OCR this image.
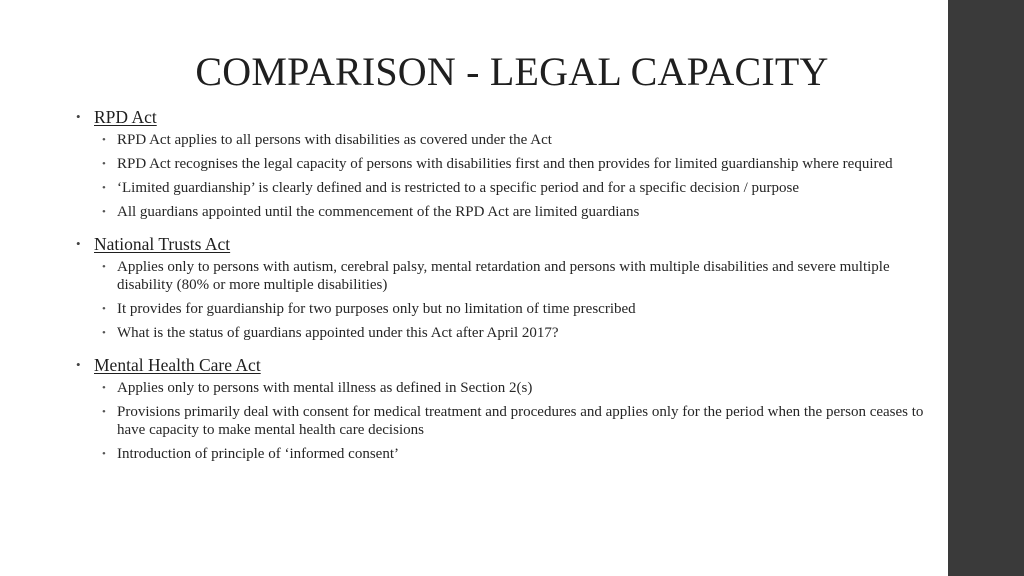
COMPARISON - LEGAL CAPACITY
• RPD Act
• RPD Act applies to all persons with disabilities as covered under the Act
• RPD Act recognises the legal capacity of persons with disabilities first and then provides for limited guardianship where required
• ‘Limited guardianship’ is clearly defined and is restricted to a specific period and for a specific decision / purpose
• All guardians appointed until the commencement of the RPD Act are limited guardians
• National Trusts Act
• Applies only to persons with autism, cerebral palsy, mental retardation and persons with multiple disabilities and severe multiple disability (80% or more multiple disabilities)
• It provides for guardianship for two purposes only but no limitation of time prescribed
• What is the status of guardians appointed under this Act after April 2017?
• Mental Health Care Act
• Applies only to persons with mental illness as defined in Section 2(s)
• Provisions primarily deal with consent for medical treatment and procedures and applies only for the period when the person ceases to have capacity to make mental health care decisions
• Introduction of principle of ‘informed consent’
